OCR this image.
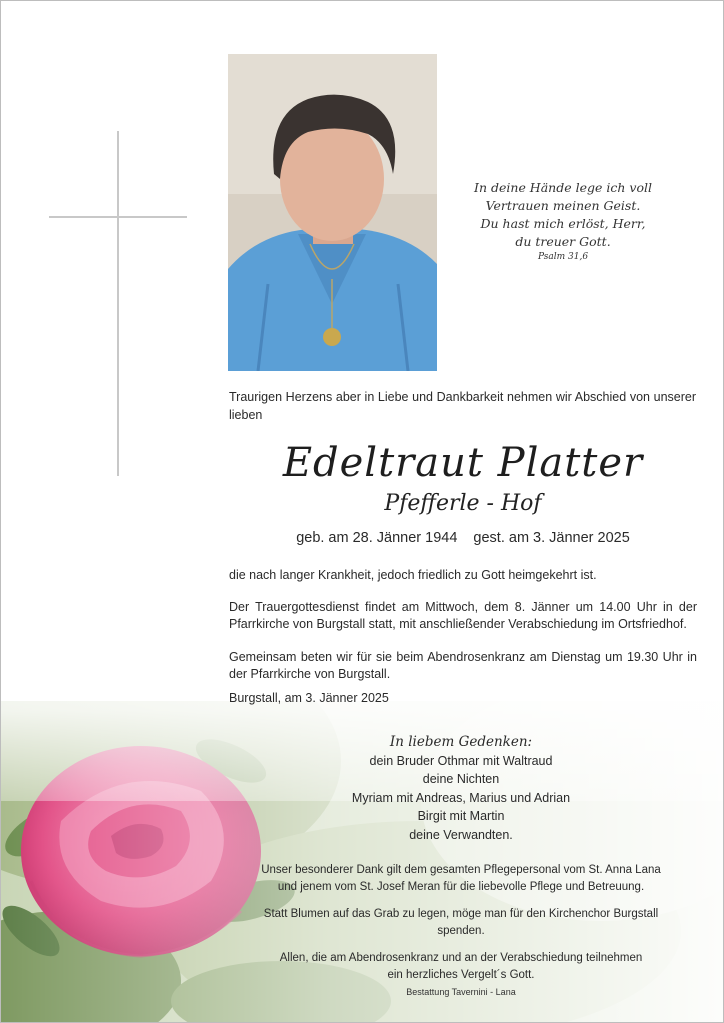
In deine Hände lege ich voll
Vertrauen meinen Geist.
Du hast mich erlöst, Herr,
du treuer Gott.
Psalm 31,6
Traurigen Herzens aber in Liebe und Dankbarkeit nehmen wir Abschied von unserer lieben
Edeltraut Platter
Pfefferle - Hof
geb. am 28. Jänner 1944 gest. am 3. Jänner 2025
die nach langer Krankheit, jedoch friedlich zu Gott heimgekehrt ist.
Der Trauergottesdienst findet am Mittwoch, dem 8. Jänner um 14.00 Uhr in der Pfarrkirche von Burgstall statt, mit anschließender Verabschiedung im Ortsfriedhof.
Gemeinsam beten wir für sie beim Abendrosenkranz am Dienstag um 19.30 Uhr in der Pfarrkirche von Burgstall.
Burgstall, am 3. Jänner 2025
In liebem Gedenken:
dein Bruder Othmar mit Waltraud
deine Nichten
Myriam mit Andreas, Marius und Adrian
Birgit mit Martin
deine Verwandten.

Unser besonderer Dank gilt dem gesamten Pflegepersonal vom St. Anna Lana
und jenem vom St. Josef Meran für die liebevolle Pflege und Betreuung.

Statt Blumen auf das Grab zu legen, möge man für den Kirchenchor Burgstall spenden.

Allen, die am Abendrosenkranz und an der Verabschiedung teilnehmen
ein herzliches Vergelt´s Gott.

Bestattung Tavernini - Lana
